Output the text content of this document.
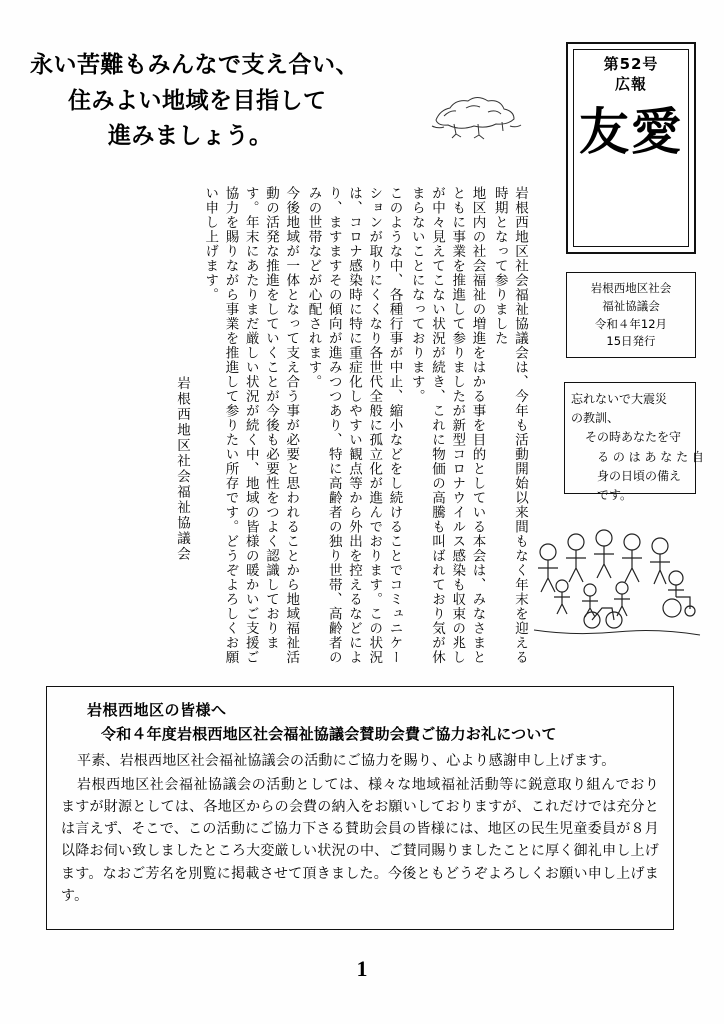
永い苦難もみんなで支え合い、
住みよい地域を目指して
進みましょう。
第52号
広報
友愛
岩根西地区社会
福祉協議会
令和４年12月
15日発行
忘れないで大震災
の教訓、
その時あなたを守
る の は あ な た 自
身の日頃の備え
です。
岩根西地区社会福祉協議会は、今年も活動開始以来間もなく年末を迎える時期となって参りました
地区内の社会福祉の増進をはかる事を目的としている本会は、みなさまとともに事業を推進して参りましたが新型コロナウイルス感染も収束の兆しが中々見えてこない状況が続き、これに物価の高騰も叫ばれており気が休まらないことになっております。
このような中、各種行事が中止、縮小などをし続けることでコミュニケーションが取りにくくなり各世代全般に孤立化が進んでおります。この状況は、コロナ感染時に特に重症化しやすい観点等から外出を控えるなどにより、ますますその傾向が進みつつあり、特に高齢者の独り世帯、高齢者のみの世帯などが心配されます。
今後地域が一体となって支え合う事が必要と思われることから地域福祉活動の活発な推進をしていくことが今後も必要性をつよく認識しております。年末にあたりまだ厳しい状況が続く中、地域の皆様の暖かいご支援ご協力を賜りながら事業を推進して参りたい所存です。どうぞよろしくお願い申し上げます。
岩根西地区社会福祉協議会
岩根西地区の皆様へ
令和４年度岩根西地区社会福祉協議会賛助会費ご協力お礼について

平素、岩根西地区社会福祉協議会の活動にご協力を賜り、心より感謝申し上げます。

岩根西地区社会福祉協議会の活動としては、様々な地域福祉活動等に鋭意取り組んでおりますが財源としては、各地区からの会費の納入をお願いしておりますが、これだけでは充分とは言えず、そこで、この活動にご協力下さる賛助会員の皆様には、地区の民生児童委員が８月以降お伺い致しましたところ大変厳しい状況の中、ご賛同賜りましたことに厚く御礼申し上げます。なおご芳名を別覧に掲載させて頂きました。今後ともどうぞよろしくお願い申し上げます。

1
